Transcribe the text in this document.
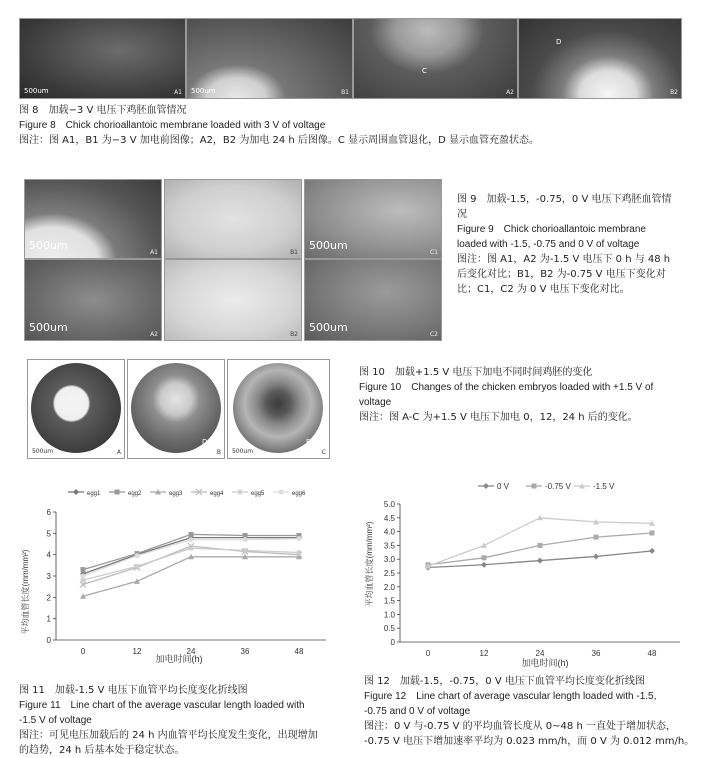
500um	A1 500um	B1
C
A2
D
B2
图 8　加载−3 V 电压下鸡胚血管情况
Figure 8　Chick chorioallantoic membrane loaded with 3 V of voltage
图注：图 A1，B1 为−3 V 加电前图像；A2，B2 为加电 24 h 后图像。C 显示周围血管退化，D 显示血管充盈状态。
500um
A1	B1
500um
C1
500um
A2	B2
500um
C2
图 9　加载-1.5，-0.75，0 V 电压下鸡胚血管情
况
Figure 9　Chick chorioallantoic membrane
loaded with -1.5, -0.75 and 0 V of voltage
图注：图 A1，A2 为-1.5 V 电压下 0 h 与 48 h
后变化对比；B1，B2 为-0.75 V 电压下变化对
比；C1，C2 为 0 V 电压下变化对比。
500um	A
D
B 500um
E
C
图 10　加载+1.5 V 电压下加电不同时间鸡胚的变化
Figure 10　Changes of the chicken embryos loaded with +1.5 V of
voltage
图注：图 A-C 为+1.5 V 电压下加电 0，12，24 h 后的变化。
egg1	egg2	egg3	egg4	egg5	egg6
0
1
2
3
4
5
6
0	12	24	36	48
平均血管长度(mm/mm²)
加电时间(h)
图 11　加载-1.5 V 电压下血管平均长度变化折线图
Figure 11　Line chart of the average vascular length loaded with
-1.5 V of voltage
图注：可见电压加载后的 24 h 内血管平均长度发生变化，出现增加
的趋势，24 h 后基本处于稳定状态。
0 V	-0.75 V	-1.5 V
0
0.5
1.0
1.5
2.0
2.5
3.0
3.5
4.0
4.5
5.0
0	12	24	36	48
平均血管长度(mm/mm²)
加电时间(h)
图 12　加载-1.5，-0.75，0 V 电压下血管平均长度变化折线图
Figure 12　Line chart of average vascular length loaded with -1.5,
-0.75 and 0 V of voltage
图注：0 V 与-0.75 V 的平均血管长度从 0~48 h 一直处于增加状态，
-0.75 V 电压下增加速率平均为 0.023 mm/h，而 0 V 为 0.012 mm/h。
